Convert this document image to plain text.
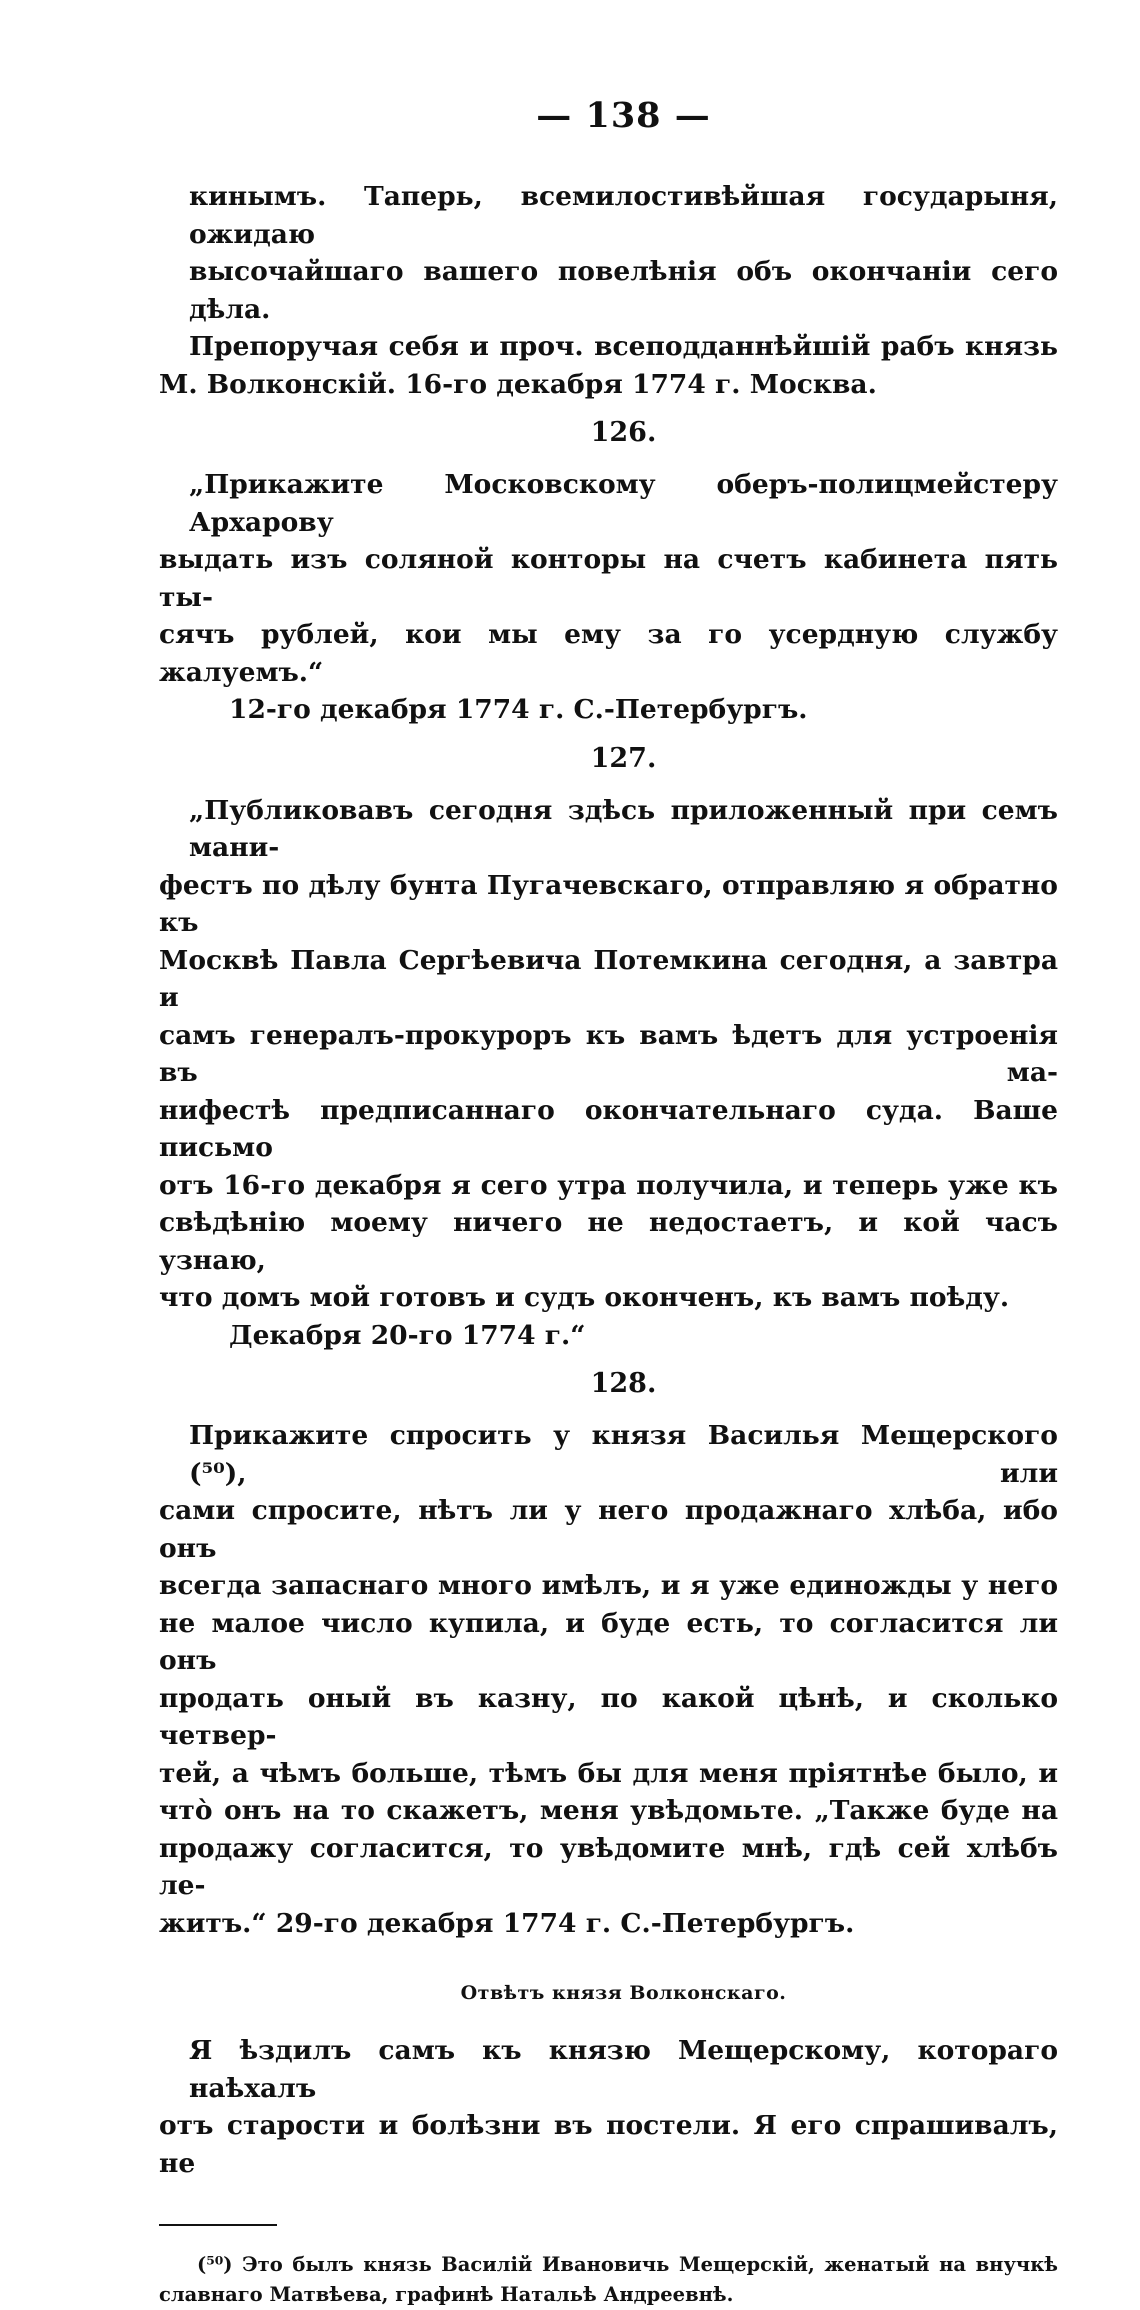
— 138 —

кинымъ. Таперь, всемилостивѣйшая государыня, ожидаю
высочайшаго вашего повелѣнія объ окончаніи сего дѣла.

Препоручая себя и проч. всеподданнѣйшій рабъ князь
М. Волконскій. 16-го декабря 1774 г. Москва.

126.

„Прикажите Московскому оберъ-полицмейстеру Архарову
выдать изъ соляной конторы на счетъ кабинета пять ты-
сячъ рублей, кои мы ему за го усердную службу жалуемъ.“

12-го декабря 1774 г. С.-Петербургъ.
127.

„Публиковавъ сегодня здѣсь приложенный при семъ мани-
фестъ по дѣлу бунта Пугачевскаго, отправляю я обратно къ
Москвѣ Павла Сергѣевича Потемкина сегодня, а завтра и
самъ генералъ-прокуроръ къ вамъ ѣдетъ для устроенія въ ма-
нифестѣ предписаннаго окончательнаго суда. Ваше письмо
отъ 16-го декабря я сего утра получила, и теперь уже къ
свѣдѣнію моему ничего не недостаетъ, и кой часъ узнаю,
что домъ мой готовъ и судъ оконченъ, къ вамъ поѣду.

Декабря 20-го 1774 г.“
128.

Прикажите спросить у князя Василья Мещерского (⁵⁰), или
сами спросите, нѣтъ ли у него продажнаго хлѣба, ибо онъ
всегда запаснаго много имѣлъ, и я уже единожды у него
не малое число купила, и буде есть, то согласится ли онъ
продать оный въ казну, по какой цѣнѣ, и сколько четвер-
тей, а чѣмъ больше, тѣмъ бы для меня пріятнѣе было, и
что̀ онъ на то скажетъ, меня увѣдомьте. „Также буде на
продажу согласится, то увѣдомите мнѣ, гдѣ сей хлѣбъ ле-
житъ.“ 29-го декабря 1774 г. С.-Петербургъ.

Отвѣтъ князя Волконскаго.

Я ѣздилъ самъ къ князю Мещерскому, котораго наѣхалъ
отъ старости и болѣзни въ постели. Я его спрашивалъ, не

(⁵⁰) Это былъ князь Василій Ивановичь Мещерскій, женатый на внучкѣ
славнаго Матвѣева, графинѣ Натальѣ Андреевнѣ.
